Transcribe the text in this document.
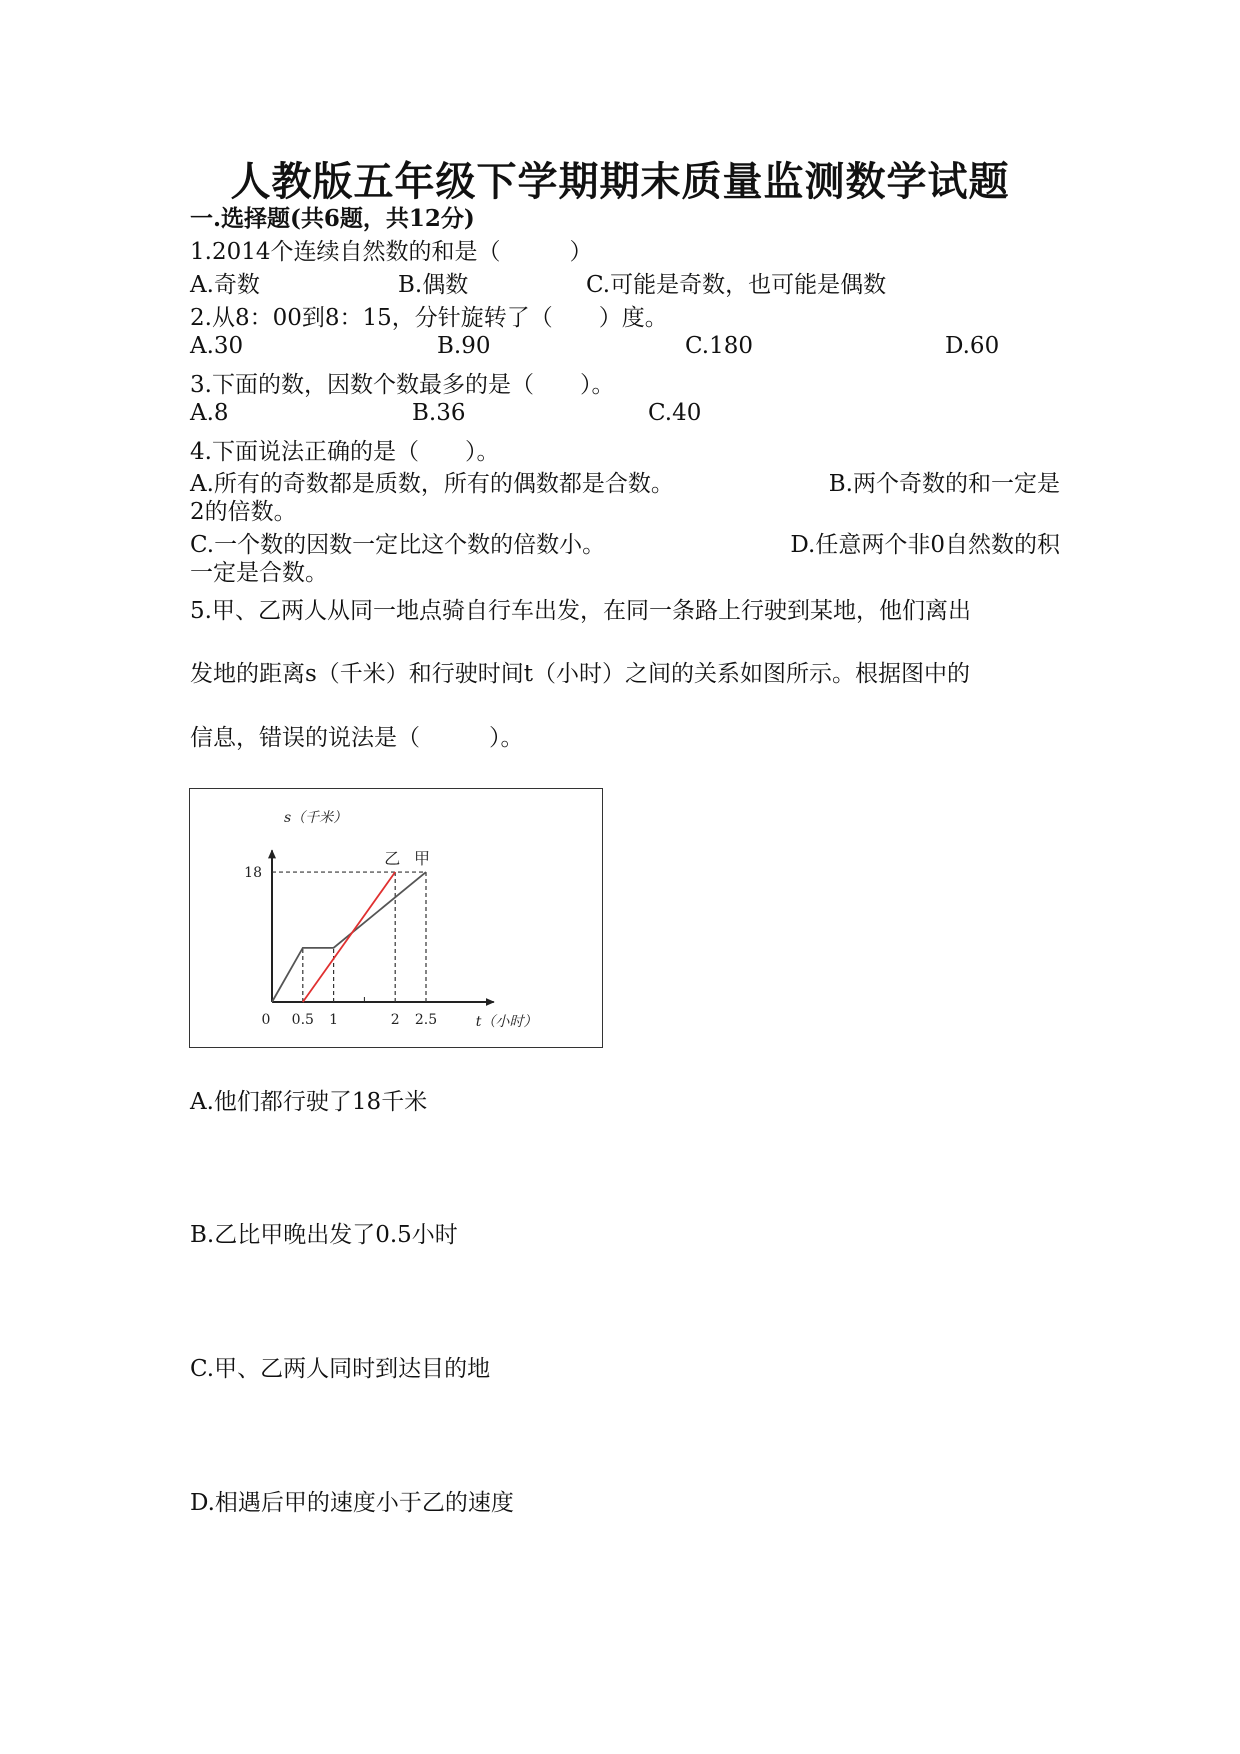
人教版五年级下学期期末质量监测数学试题
一.选择题(共6题，共12分)
1.2014个连续自然数的和是（　　　）
A.奇数	B.偶数	C.可能是奇数，也可能是偶数
2.从8：00到8：15，分针旋转了（　　）度。
A.30	B.90	C.180	D.60
3.下面的数，因数个数最多的是（　　）。
A.8	B.36	C.40
4.下面说法正确的是（　　）。
B.两个奇数的和一定是
A.所有的奇数都是质数，所有的偶数都是合数。
2的倍数。
D.任意两个非0自然数的积
C.一个数的因数一定比这个数的倍数小。
一定是合数。
5.甲、乙两人从同一地点骑自行车出发，在同一条路上行驶到某地，他们离出
发地的距离s（千米）和行驶时间t（小时）之间的关系如图所示。根据图中的
信息，错误的说法是（　　　）。
18
0.5 1	2 2.5
0
乙 甲
s（千米）
t（小时）
A.他们都行驶了18千米
B.乙比甲晚出发了0.5小时
C.甲、乙两人同时到达目的地
D.相遇后甲的速度小于乙的速度
